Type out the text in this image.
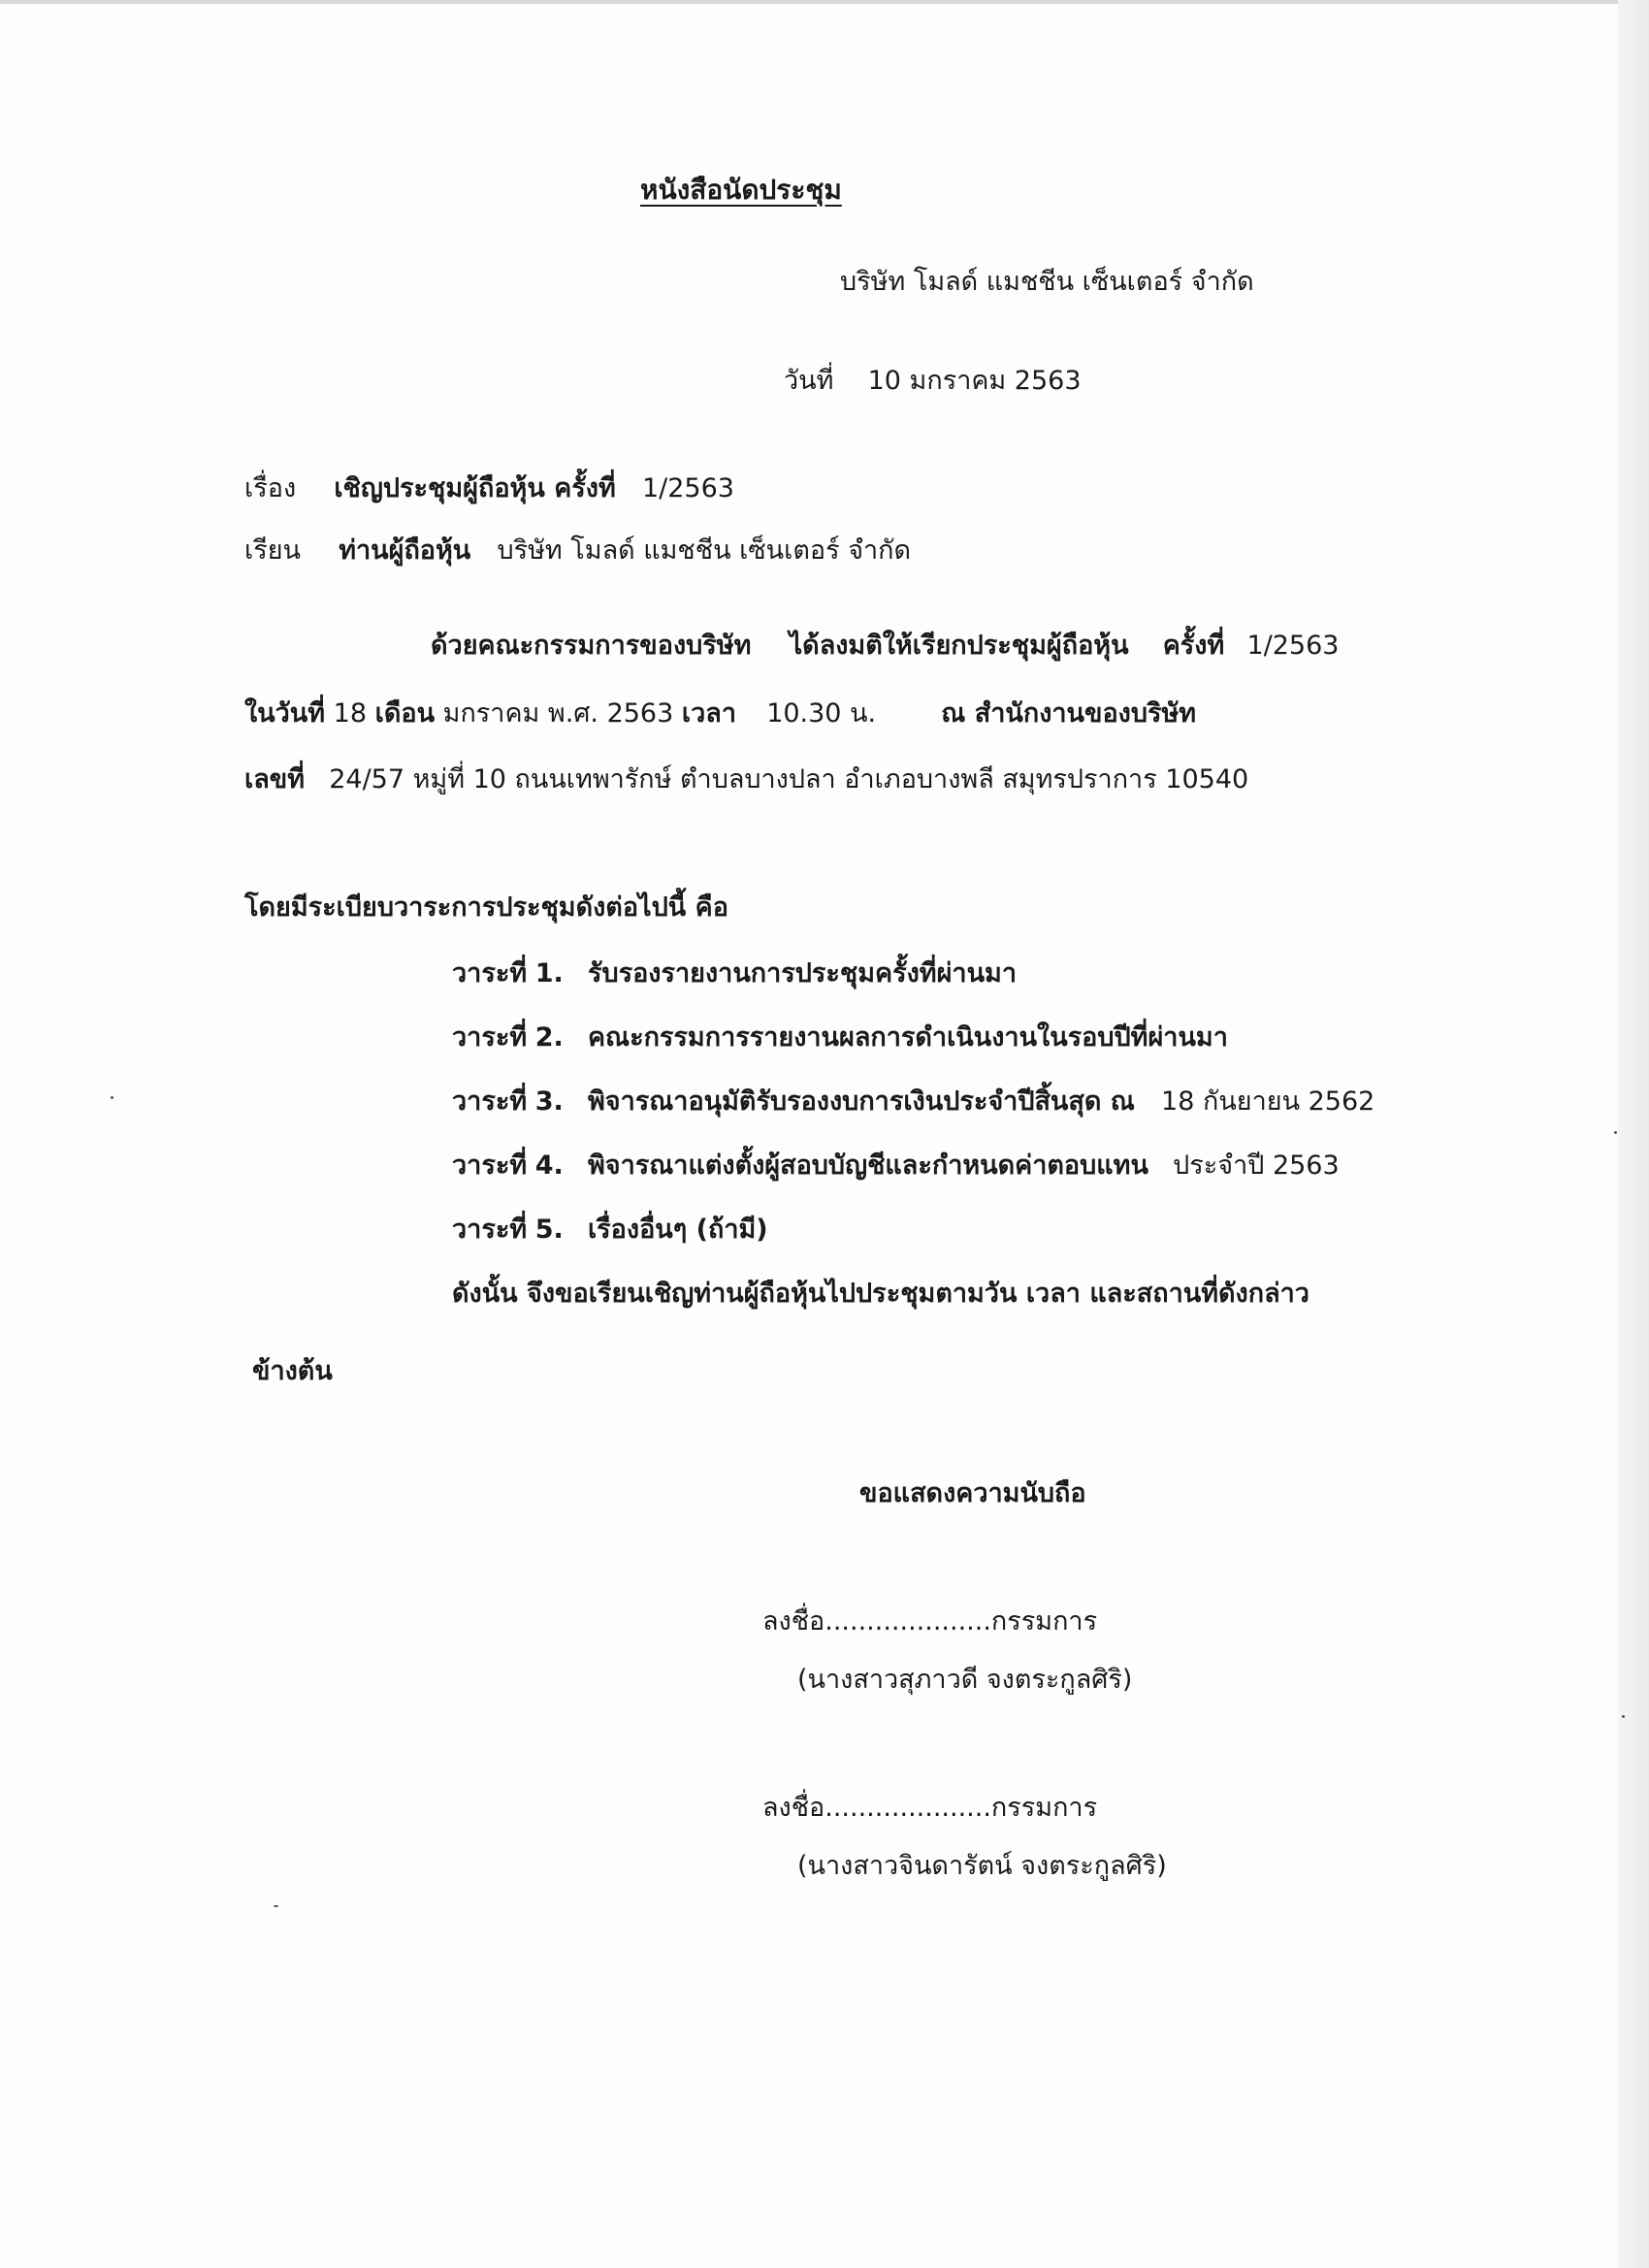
หนังสือนัดประชุม
บริษัท โมลด์ แมชชีน เซ็นเตอร์ จำกัด
วันที่ 10 มกราคม 2563
เรื่อง เชิญประชุมผู้ถือหุ้น ครั้งที่ 1/2563
เรียน ท่านผู้ถือหุ้น บริษัท โมลด์ แมชชีน เซ็นเตอร์ จำกัด
ด้วยคณะกรรมการของบริษัท ได้ลงมติให้เรียกประชุมผู้ถือหุ้น ครั้งที่ 1/2563
ในวันที่ 18 เดือน มกราคม พ.ศ. 2563 เวลา 10.30 น. ณ สำนักงานของบริษัท
เลขที่ 24/57 หมู่ที่ 10 ถนนเทพารักษ์ ตำบลบางปลา อำเภอบางพลี สมุทรปราการ 10540
โดยมีระเบียบวาระการประชุมดังต่อไปนี้ คือ
วาระที่ 1. รับรองรายงานการประชุมครั้งที่ผ่านมา
วาระที่ 2. คณะกรรมการรายงานผลการดำเนินงานในรอบปีที่ผ่านมา
วาระที่ 3. พิจารณาอนุมัติรับรองงบการเงินประจำปีสิ้นสุด ณ 18 กันยายน 2562
วาระที่ 4. พิจารณาแต่งตั้งผู้สอบบัญชีและกำหนดค่าตอบแทน ประจำปี 2563
วาระที่ 5. เรื่องอื่นๆ (ถ้ามี)
ดังนั้น จึงขอเรียนเชิญท่านผู้ถือหุ้นไปประชุมตามวัน เวลา และสถานที่ดังกล่าว
ข้างต้น
ขอแสดงความนับถือ
ลงชื่อ....................กรรมการ
(นางสาวสุภาวดี จงตระกูลศิริ)
ลงชื่อ....................กรรมการ
(นางสาวจินดารัตน์ จงตระกูลศิริ)
